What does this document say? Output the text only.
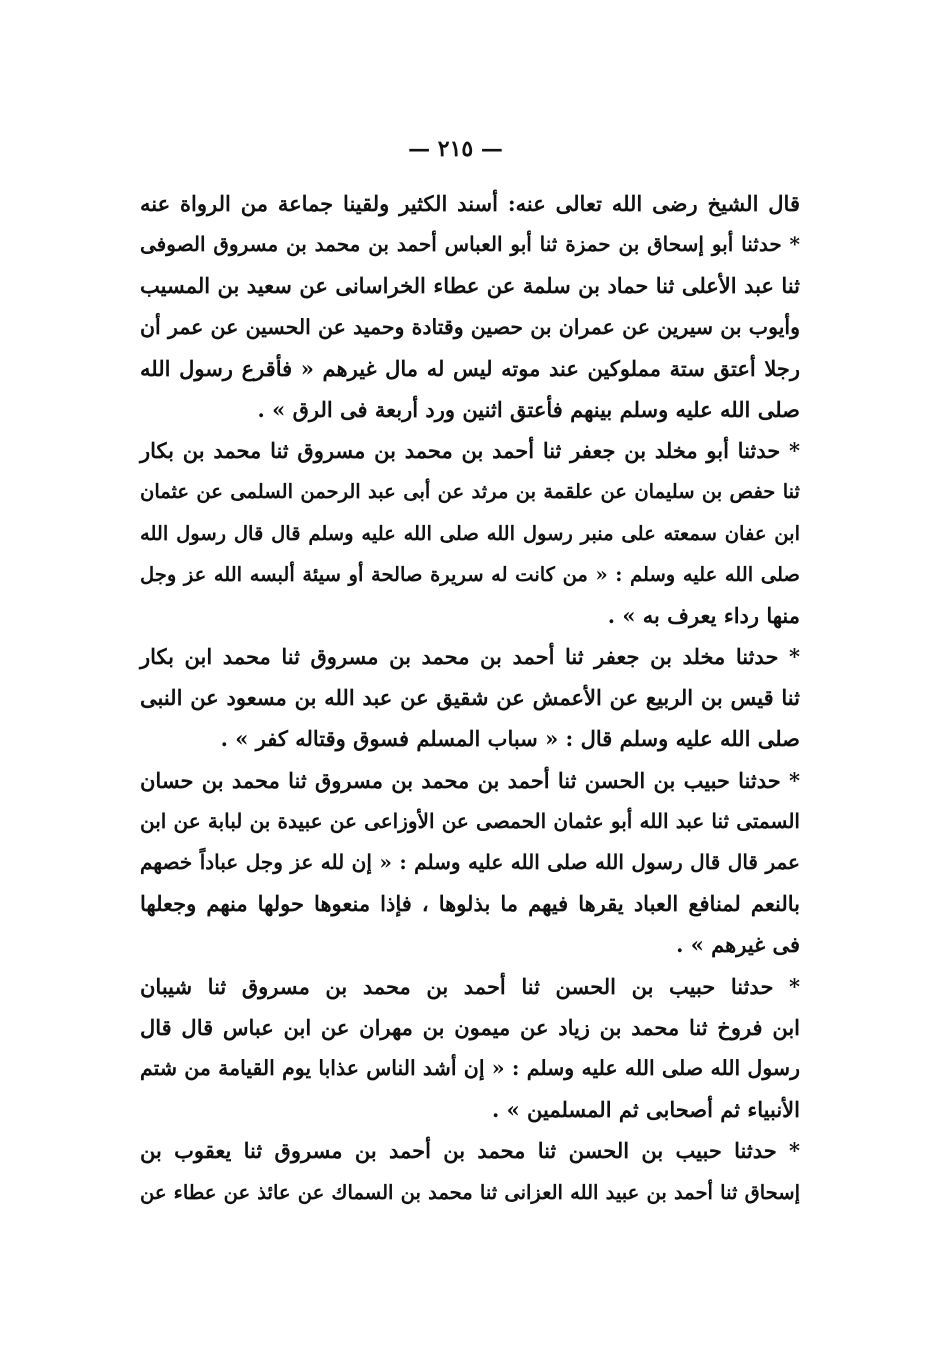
— ٢١٥ —
قال الشيخ رضى الله تعالى عنه: أسند الكثير ولقينا جماعة من الرواة عنه
* حدثنا أبو إسحاق بن حمزة ثنا أبو العباس أحمد بن محمد بن مسروق الصوفى
ثنا عبد الأعلى ثنا حماد بن سلمة عن عطاء الخراسانى عن سعيد بن المسيب
وأيوب بن سيرين عن عمران بن حصين وقتادة وحميد عن الحسين عن عمر أن
رجلا أعتق ستة مملوكين عند موته ليس له مال غيرهم « فأقرع رسول الله
صلى الله عليه وسلم بينهم فأعتق اثنين ورد أربعة فى الرق » .
* حدثنا أبو مخلد بن جعفر ثنا أحمد بن محمد بن مسروق ثنا محمد بن بكار
ثنا حفص بن سليمان عن علقمة بن مرثد عن أبى عبد الرحمن السلمى عن عثمان
ابن عفان سمعته على منبر رسول الله صلى الله عليه وسلم قال قال رسول الله
صلى الله عليه وسلم : « من كانت له سريرة صالحة أو سيئة ألبسه الله عز وجل
منها رداء يعرف به » .
* حدثنا مخلد بن جعفر ثنا أحمد بن محمد بن مسروق ثنا محمد ابن بكار
ثنا قيس بن الربيع عن الأعمش عن شقيق عن عبد الله بن مسعود عن النبى
صلى الله عليه وسلم قال : « سباب المسلم فسوق وقتاله كفر » .
* حدثنا حبيب بن الحسن ثنا أحمد بن محمد بن مسروق ثنا محمد بن حسان
السمتى ثنا عبد الله أبو عثمان الحمصى عن الأوزاعى عن عبيدة بن لبابة عن ابن
عمر قال قال رسول الله صلى الله عليه وسلم : « إن لله عز وجل عباداً خصهم
بالنعم لمنافع العباد يقرها فيهم ما بذلوها ، فإذا منعوها حولها منهم وجعلها
فى غيرهم » .
* حدثنا حبيب بن الحسن ثنا أحمد بن محمد بن مسروق ثنا شيبان
ابن فروخ ثنا محمد بن زياد عن ميمون بن مهران عن ابن عباس قال قال
رسول الله صلى الله عليه وسلم : « إن أشد الناس عذابا يوم القيامة من شتم
الأنبياء ثم أصحابى ثم المسلمين » .
* حدثنا حبيب بن الحسن ثنا محمد بن أحمد بن مسروق ثنا يعقوب بن
إسحاق ثنا أحمد بن عبيد الله العزانى ثنا محمد بن السماك عن عائذ عن عطاء عن
